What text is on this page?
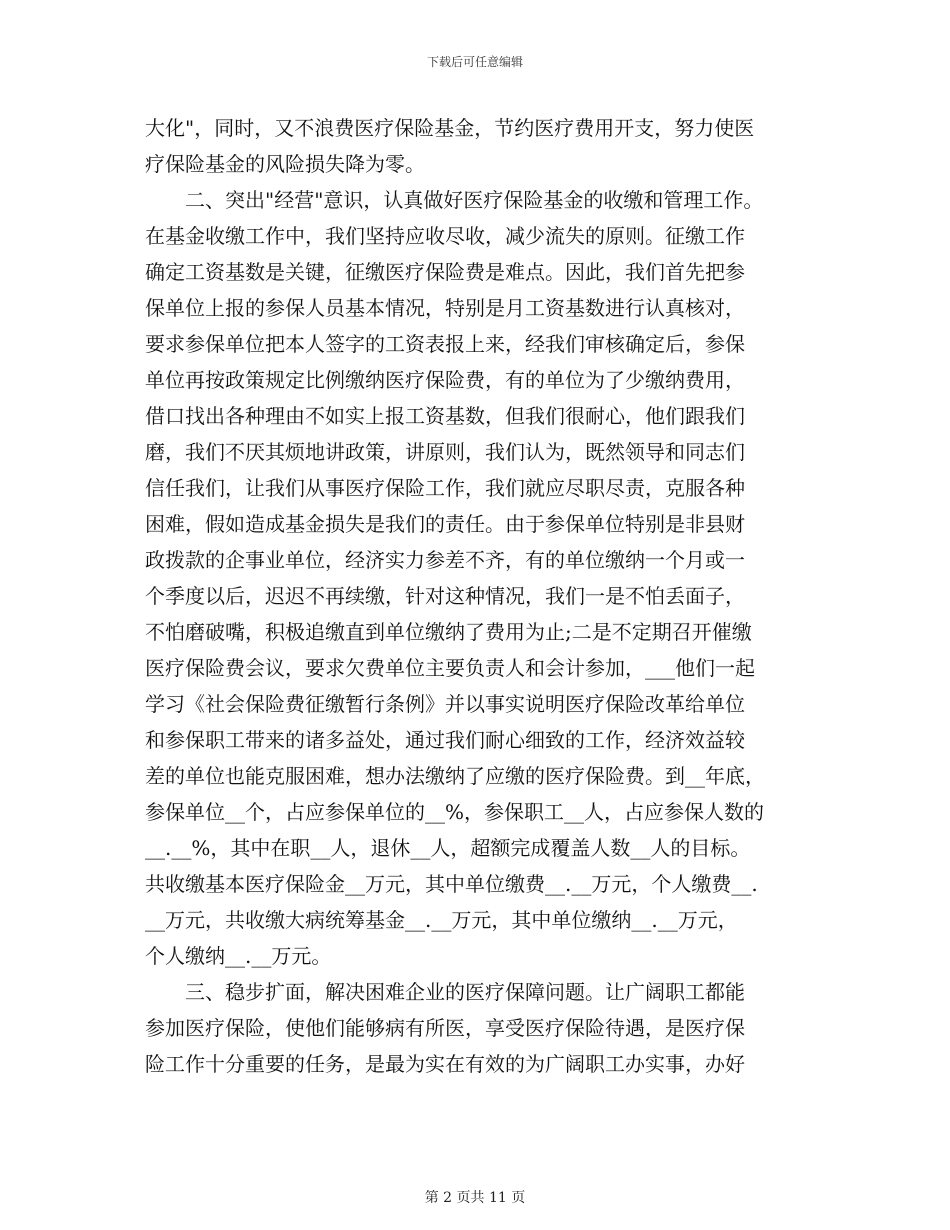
下载后可任意编辑
大化"，同时，又不浪费医疗保险基金，节约医疗费用开支，努力使医
疗保险基金的风险损失降为零。
二、突出"经营"意识，认真做好医疗保险基金的收缴和管理工作。
在基金收缴工作中，我们坚持应收尽收，减少流失的原则。征缴工作
确定工资基数是关键，征缴医疗保险费是难点。因此，我们首先把参
保单位上报的参保人员基本情况，特别是月工资基数进行认真核对，
要求参保单位把本人签字的工资表报上来，经我们审核确定后，参保
单位再按政策规定比例缴纳医疗保险费，有的单位为了少缴纳费用，
借口找出各种理由不如实上报工资基数，但我们很耐心，他们跟我们
磨，我们不厌其烦地讲政策，讲原则，我们认为，既然领导和同志们
信任我们，让我们从事医疗保险工作，我们就应尽职尽责，克服各种
困难，假如造成基金损失是我们的责任。由于参保单位特别是非县财
政拨款的企事业单位，经济实力参差不齐，有的单位缴纳一个月或一
个季度以后，迟迟不再续缴，针对这种情况，我们一是不怕丢面子，
不怕磨破嘴，积极追缴直到单位缴纳了费用为止;二是不定期召开催缴
医疗保险费会议，要求欠费单位主要负责人和会计参加，___他们一起
学习《社会保险费征缴暂行条例》并以事实说明医疗保险改革给单位
和参保职工带来的诸多益处，通过我们耐心细致的工作，经济效益较
差的单位也能克服困难，想办法缴纳了应缴的医疗保险费。到__年底，
参保单位__个，占应参保单位的__%，参保职工__人，占应参保人数的
__.__%，其中在职__人，退休__人，超额完成覆盖人数__人的目标。
共收缴基本医疗保险金__万元，其中单位缴费__.__万元，个人缴费__.
__万元，共收缴大病统筹基金__.__万元，其中单位缴纳__.__万元，
个人缴纳__.__万元。
三、稳步扩面，解决困难企业的医疗保障问题。让广阔职工都能
参加医疗保险，使他们能够病有所医，享受医疗保险待遇，是医疗保
险工作十分重要的任务，是最为实在有效的为广阔职工办实事，办好
第 2 页共 11 页
